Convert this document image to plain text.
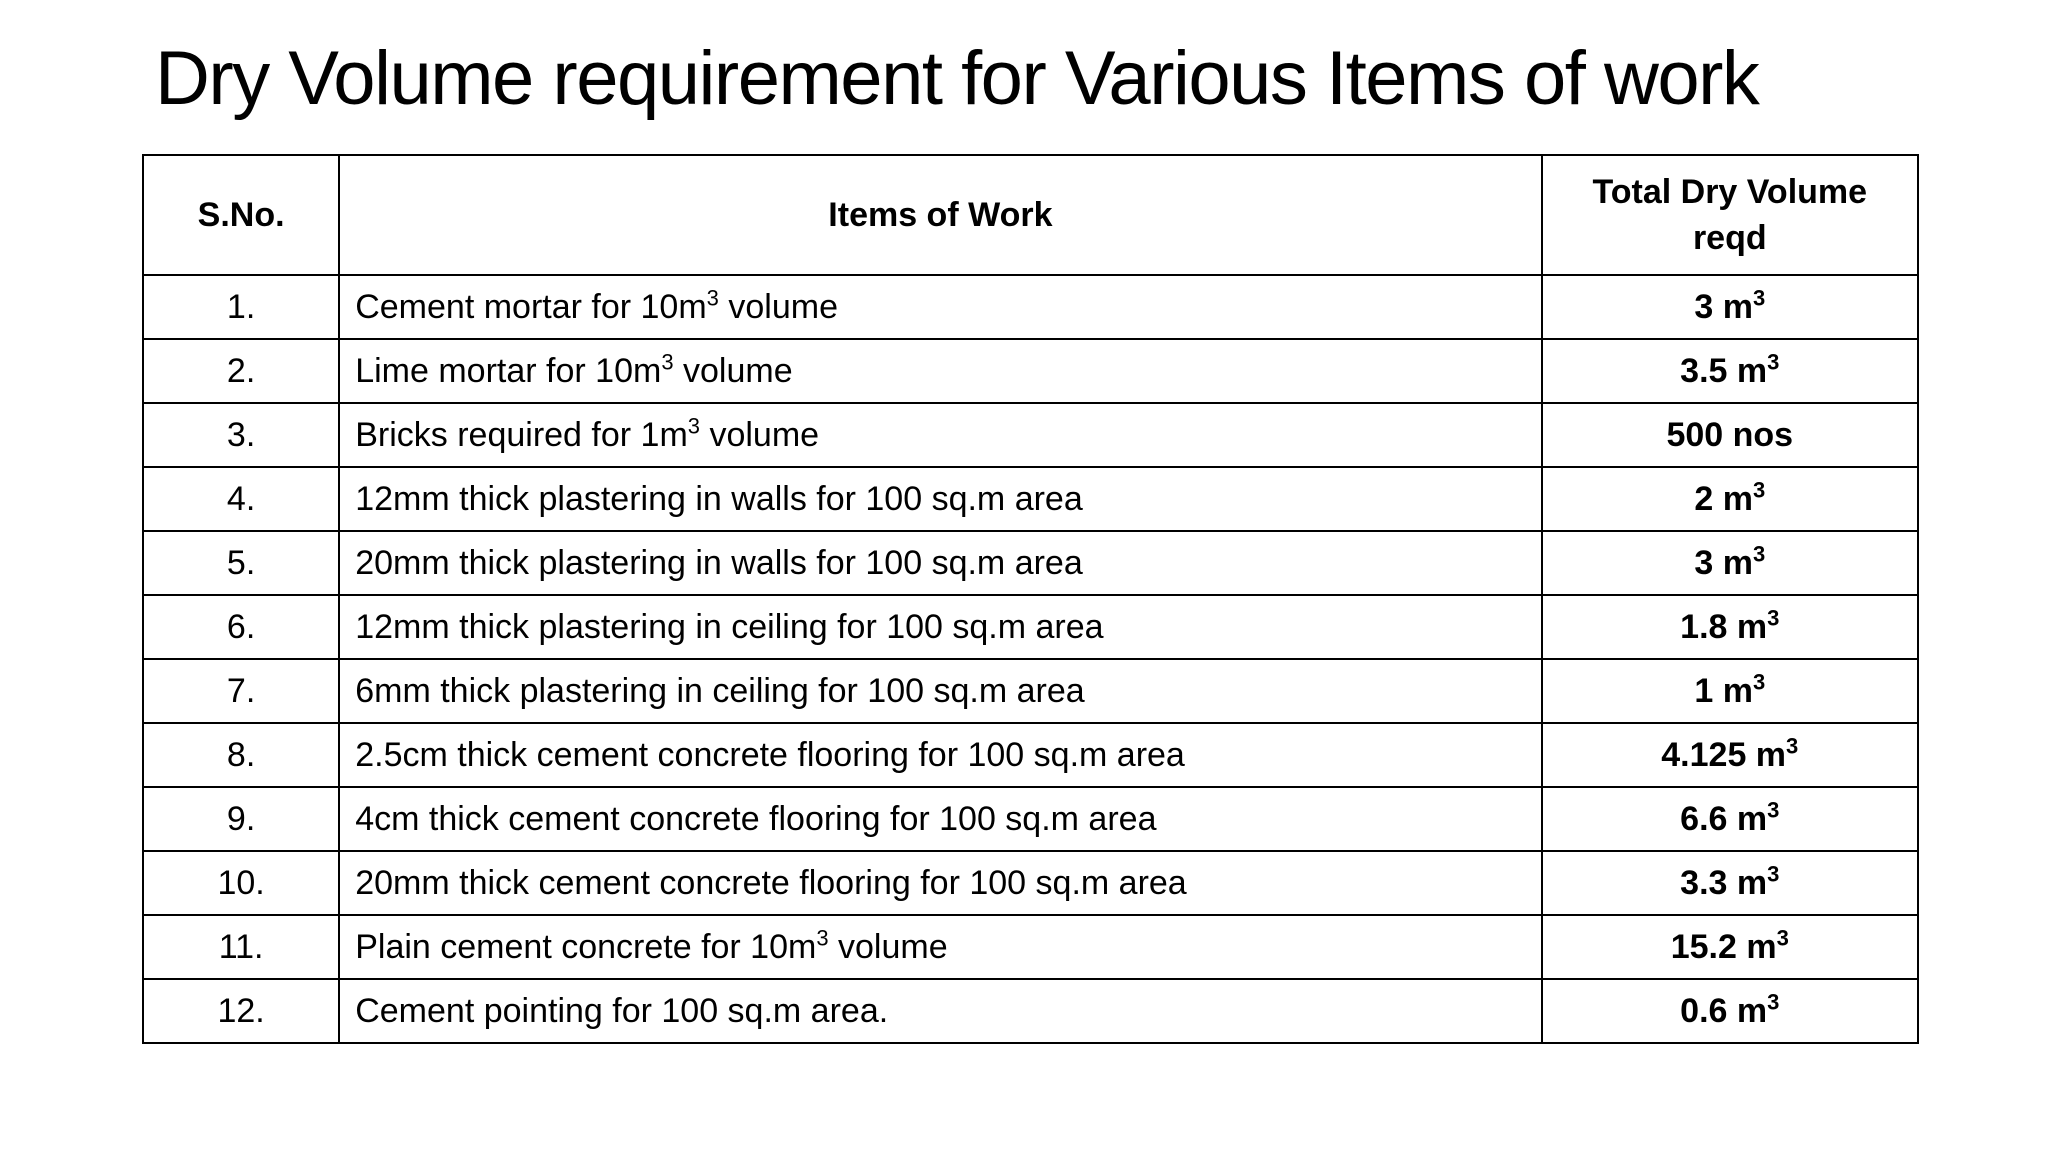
Dry Volume requirement for Various Items of work
S.No.	Items of Work	Total Dry Volume
reqd
1.	Cement mortar for $10m^3$ volume	3 $m^3$
2.	Lime mortar for $10m^3$ volume	3.5 $m^3$
3.	Bricks required for $1m^3$ volume	500 nos
4.	12mm thick plastering in walls for 100 sq.m area	2 $m^3$
5.	20mm thick plastering in walls for 100 sq.m area	3 $m^3$
6.	12mm thick plastering in ceiling for 100 sq.m area	1.8 $m^3$
7.	6mm thick plastering in ceiling for 100 sq.m area	1 $m^3$
8.	2.5cm thick cement concrete flooring for 100 sq.m area	4.125 $m^3$
9.	4cm thick cement concrete flooring for 100 sq.m area	6.6 $m^3$
10.	20mm thick cement concrete flooring for 100 sq.m area	3.3 $m^3$
11.	Plain cement concrete for $10m^3$ volume	15.2 $m^3$
12.	Cement pointing for 100 sq.m area.	0.6 $m^3$
